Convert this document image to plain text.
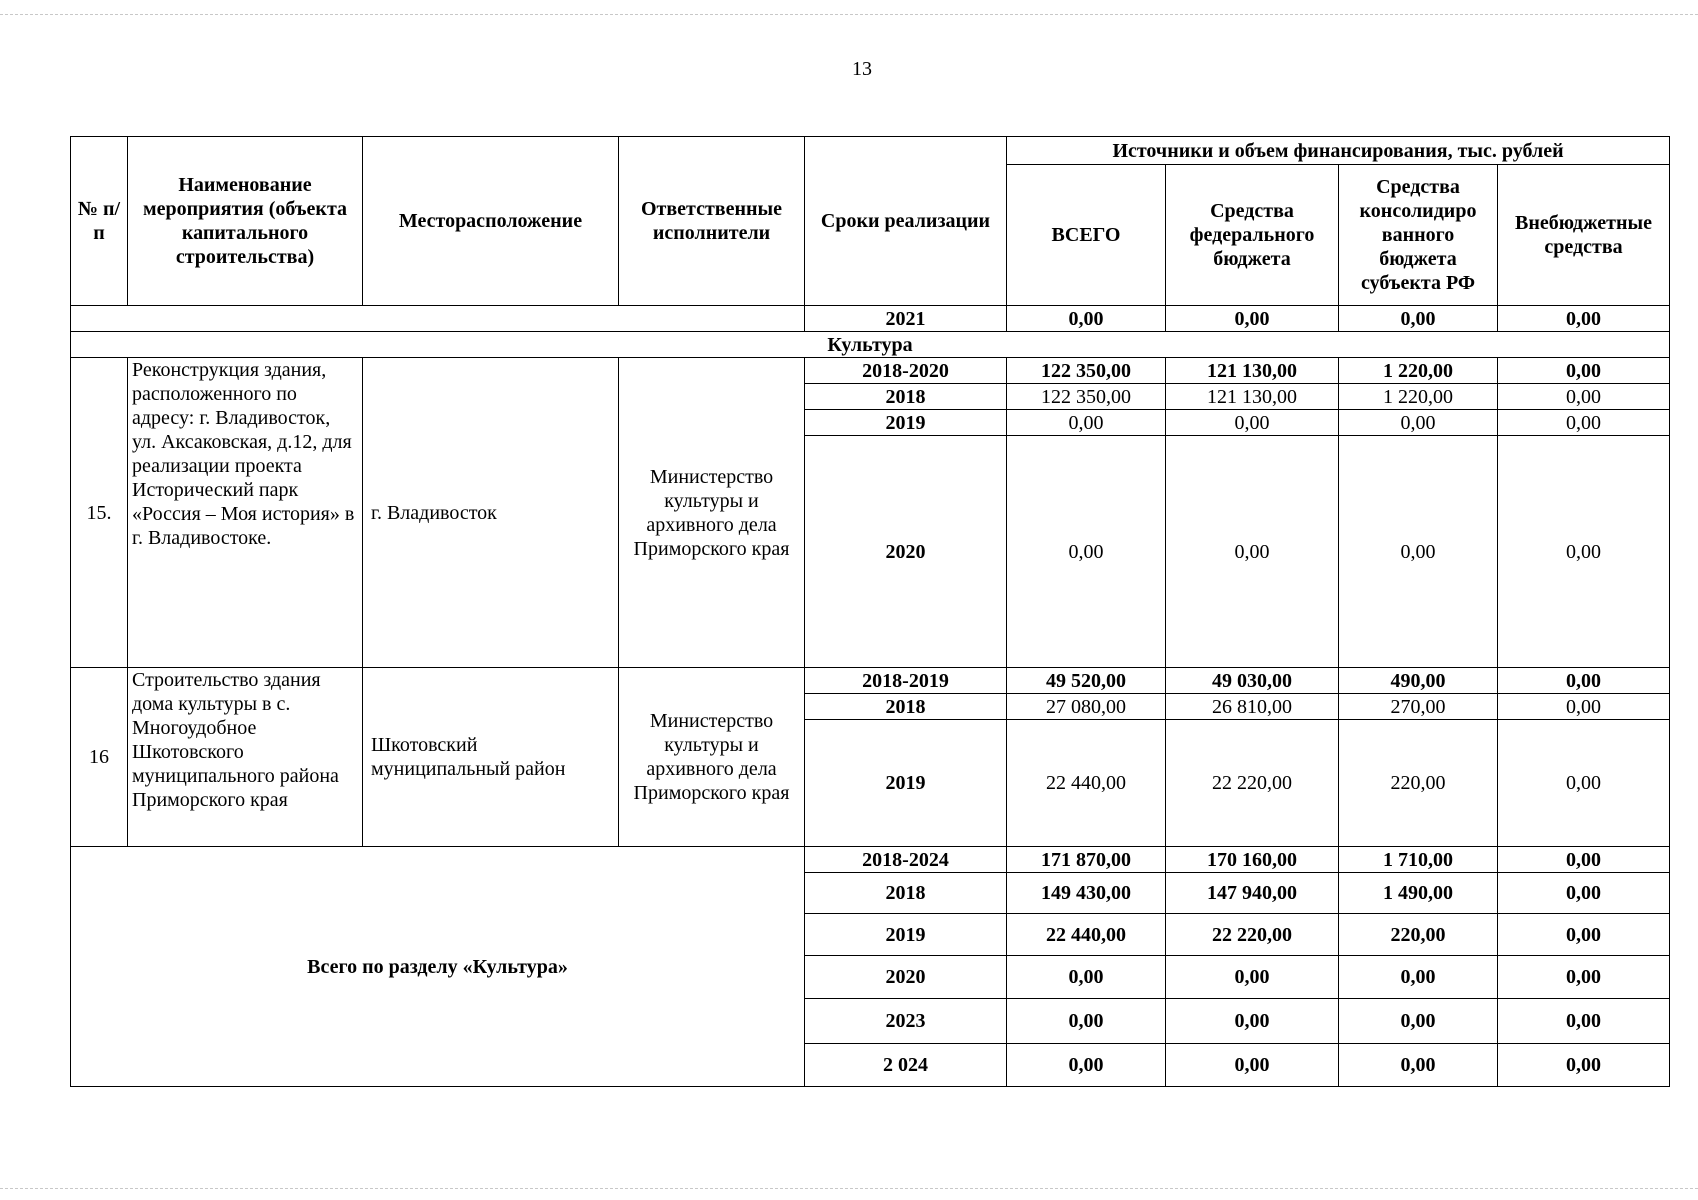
13
№ п/п	Наименование мероприятия (объекта капитального строительства)	Месторасположение	Ответственные исполнители	Сроки реализации	Источники и объем финансирования, тыс. рублей			
					ВСЕГО	Средства федерального бюджета	Средства консолидиро ванного бюджета субъекта РФ	Внебюджетные средства
				2021	0,00	0,00	0,00	0,00
Культура								
15.	Реконструкция здания, расположенного по адресу: г. Владивосток, ул. Аксаковская, д.12, для реализации проекта Исторический парк «Россия – Моя история» в г. Владивостоке.	г. Владивосток	Министерство культуры и архивного дела Приморского края	2018-2020	122 350,00	121 130,00	1 220,00	0,00
				2018	122 350,00	121 130,00	1 220,00	0,00
				2019	0,00	0,00	0,00	0,00
				2020	0,00	0,00	0,00	0,00
16	Строительство здания дома культуры в с. Многоудобное Шкотовского муниципального района Приморского края	Шкотовский муниципальный район	Министерство культуры и архивного дела Приморского края	2018-2019	49 520,00	49 030,00	490,00	0,00
				2018	27 080,00	26 810,00	270,00	0,00
				2019	22 440,00	22 220,00	220,00	0,00
Всего по разделу «Культура»				2018-2024	171 870,00	170 160,00	1 710,00	0,00
				2018	149 430,00	147 940,00	1 490,00	0,00
				2019	22 440,00	22 220,00	220,00	0,00
				2020	0,00	0,00	0,00	0,00
				2023	0,00	0,00	0,00	0,00
				2 024	0,00	0,00	0,00	0,00
